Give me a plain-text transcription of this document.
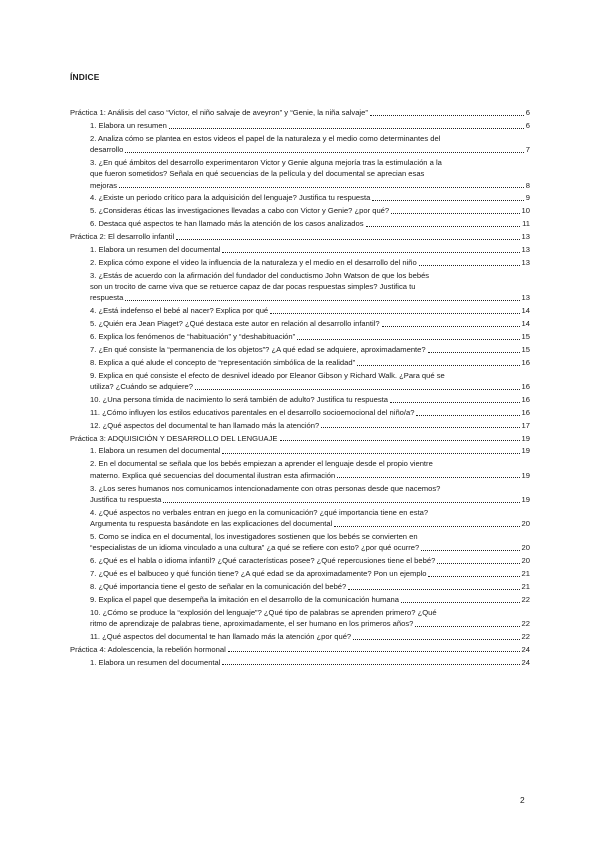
ÍNDICE
Práctica 1: Análisis del caso “Victor, el niño salvaje de aveyron” y “Genie, la niña salvaje”	6
1. Elabora un resumen	6
2. Analiza cómo se plantea en estos videos el papel de la naturaleza y el medio como determinantes del
desarrollo	7
3. ¿En qué ámbitos del desarrollo experimentaron Victor y Genie alguna mejoría tras la estimulación a la
que fueron sometidos? Señala en qué secuencias de la película y del documental se aprecian esas
mejoras	8
4. ¿Existe un periodo crítico para la adquisición del lenguaje? Justifica tu respuesta	9
5. ¿Consideras éticas las investigaciones llevadas a cabo con Victor y Genie? ¿por qué?	10
6. Destaca qué aspectos te han llamado más la atención de los casos analizados	11
Práctica 2: El desarrollo infantil	13
1. Elabora un resumen del documental	13
2. Explica cómo expone el video la influencia de la naturaleza y el medio en el desarrollo del niño	13
3. ¿Estás de acuerdo con la afirmación del fundador del conductismo John Watson de que los bebés
son un trocito de carne viva que se retuerce capaz de dar pocas respuestas simples? Justifica tu
respuesta	13
4. ¿Está indefenso el bebé al nacer? Explica por qué	14
5. ¿Quién era Jean Piaget? ¿Qué destaca este autor en relación al desarrollo infantil?	14
6. Explica los fenómenos de “habituación” y “deshabituación”	15
7. ¿En qué consiste la “permanencia de los objetos”? ¿A qué edad se adquiere, aproximadamente?	15
8. Explica a qué alude el concepto de “representación simbólica de la realidad”	16
9. Explica en qué consiste el efecto de desnivel ideado por Eleanor Gibson y Richard Walk. ¿Para qué se
utiliza? ¿Cuándo se adquiere?	16
10. ¿Una persona tímida de nacimiento lo será también de adulto? Justifica tu respuesta	16
11. ¿Cómo influyen los estilos educativos parentales en el desarrollo socioemocional del niño/a?	16
12. ¿Qué aspectos del documental te han llamado más la atención?	17
Práctica 3: ADQUISICIÓN Y DESARROLLO DEL LENGUAJE	19
1. Elabora un resumen del documental	19
2. En el documental se señala que los bebés empiezan a aprender el lenguaje desde el propio vientre
materno. Explica qué secuencias del documental ilustran esta afirmación	19
3. ¿Los seres humanos nos comunicamos intencionadamente con otras personas desde que nacemos?
Justifica tu respuesta	19
4. ¿Qué aspectos no verbales entran en juego en la comunicación? ¿qué importancia tiene en esta?
Argumenta tu respuesta basándote en las explicaciones del documental	20
5. Como se indica en el documental, los investigadores sostienen que los bebés se convierten en
“especialistas de un idioma vinculado a una cultura” ¿a qué se refiere con esto? ¿por qué ocurre?	20
6. ¿Qué es el habla o idioma infantil? ¿Qué características posee? ¿Qué repercusiones tiene el bebé?	20
7. ¿Qué es el balbuceo y qué función tiene? ¿A qué edad se da aproximadamente? Pon un ejemplo	21
8. ¿Qué importancia tiene el gesto de señalar en la comunicación del bebé?	21
9. Explica el papel que desempeña la imitación en el desarrollo de la comunicación humana	22
10. ¿Cómo se produce la “explosión del lenguaje”? ¿Qué tipo de palabras se aprenden primero? ¿Qué
ritmo de aprendizaje de palabras tiene, aproximadamente, el ser humano en los primeros años?	22
11. ¿Qué aspectos del documental te han llamado más la atención ¿por qué?	22
Práctica 4: Adolescencia, la rebelión hormonal	24
1. Elabora un resumen del documental	24
2
